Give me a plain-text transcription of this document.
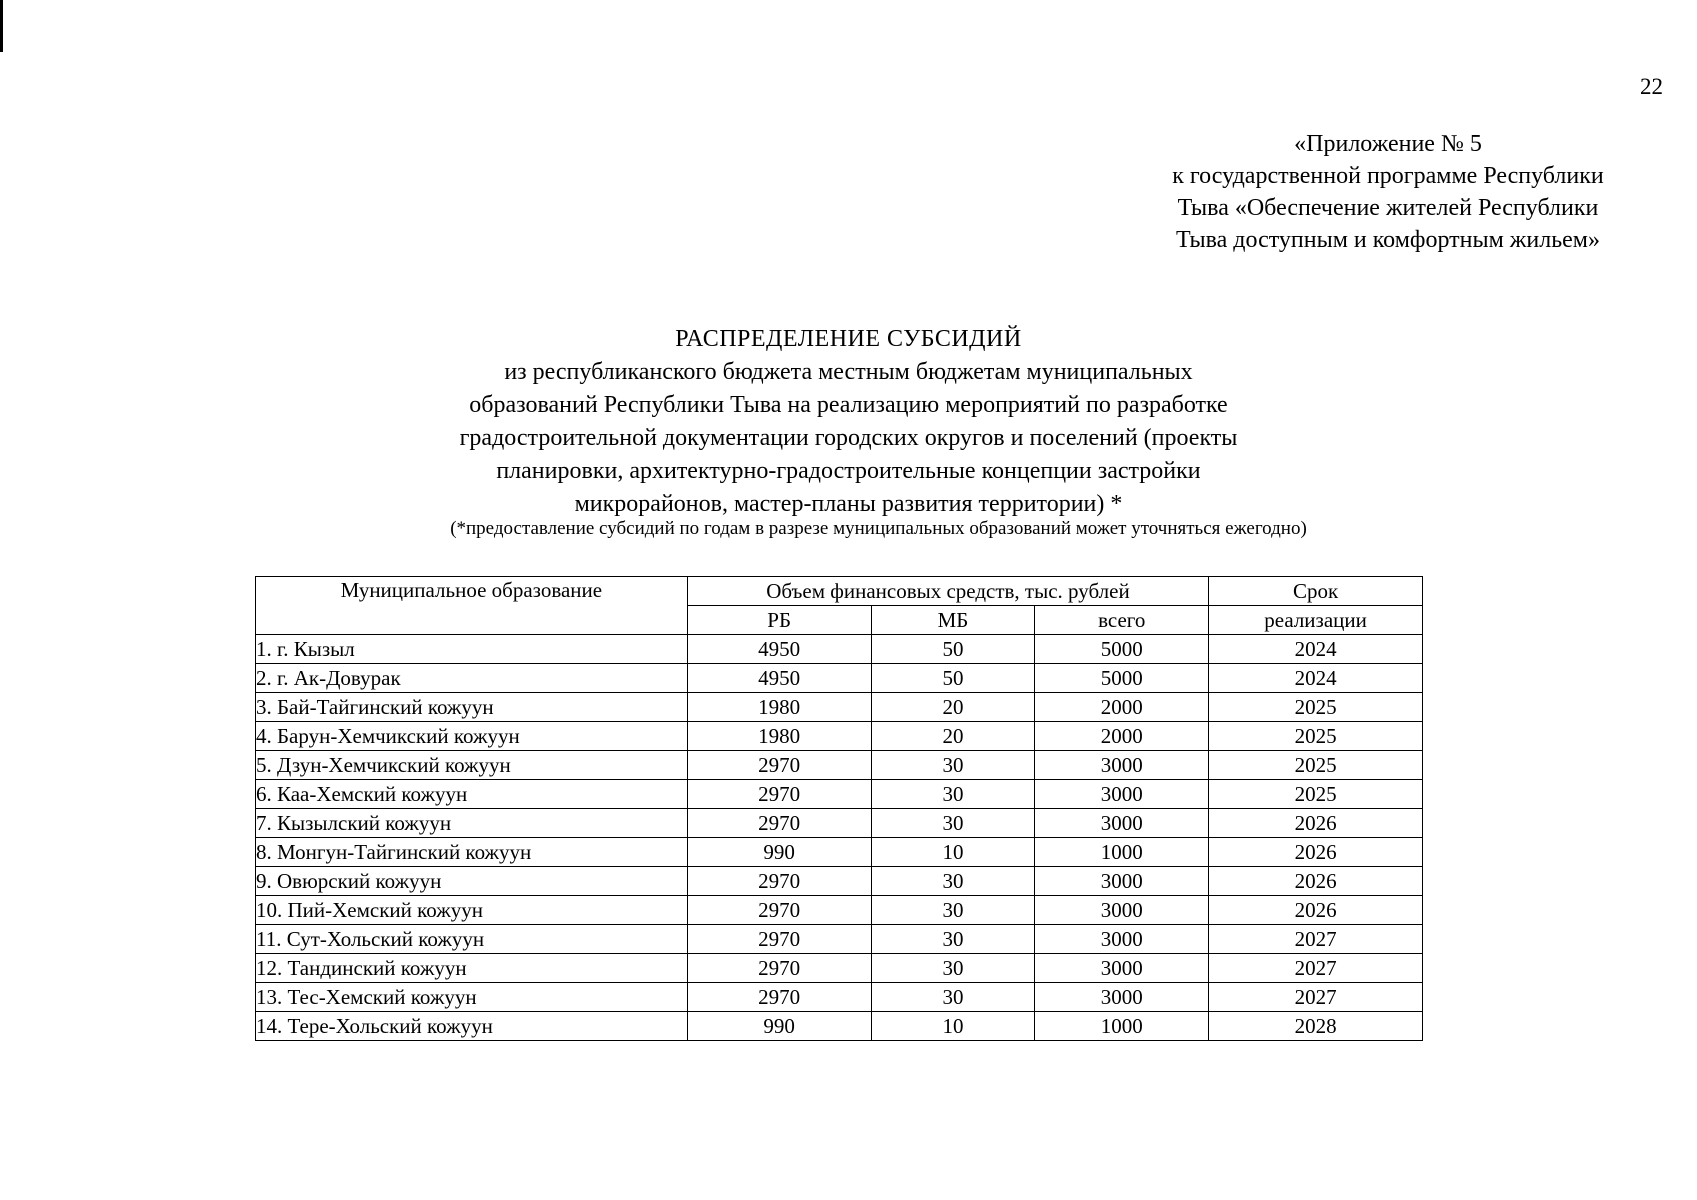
22
«Приложение № 5
к государственной программе Республики
Тыва «Обеспечение жителей Республики
Тыва доступным и комфортным жильем»
РАСПРЕДЕЛЕНИЕ СУБСИДИЙ
из республиканского бюджета местным бюджетам муниципальных
образований Республики Тыва на реализацию мероприятий по разработке
градостроительной документации городских округов и поселений (проекты
планировки, архитектурно-градостроительные концепции застройки
микрорайонов, мастер-планы развития территории) *
(*предоставление субсидий по годам в разрезе муниципальных образований может уточняться ежегодно)
Муниципальное образование	Объем финансовых средств, тыс. рублей			Срок
	РБ	МБ	всего	реализации
1. г. Кызыл	4950	50	5000	2024
2. г. Ак-Довурак	4950	50	5000	2024
3. Бай-Тайгинский кожуун	1980	20	2000	2025
4. Барун-Хемчикский кожуун	1980	20	2000	2025
5. Дзун-Хемчикский кожуун	2970	30	3000	2025
6. Каа-Хемский кожуун	2970	30	3000	2025
7. Кызылский кожуун	2970	30	3000	2026
8. Монгун-Тайгинский кожуун	990	10	1000	2026
9. Овюрский кожуун	2970	30	3000	2026
10. Пий-Хемский кожуун	2970	30	3000	2026
11. Сут-Хольский кожуун	2970	30	3000	2027
12. Тандинский кожуун	2970	30	3000	2027
13. Тес-Хемский кожуун	2970	30	3000	2027
14. Тере-Хольский кожуун	990	10	1000	2028
